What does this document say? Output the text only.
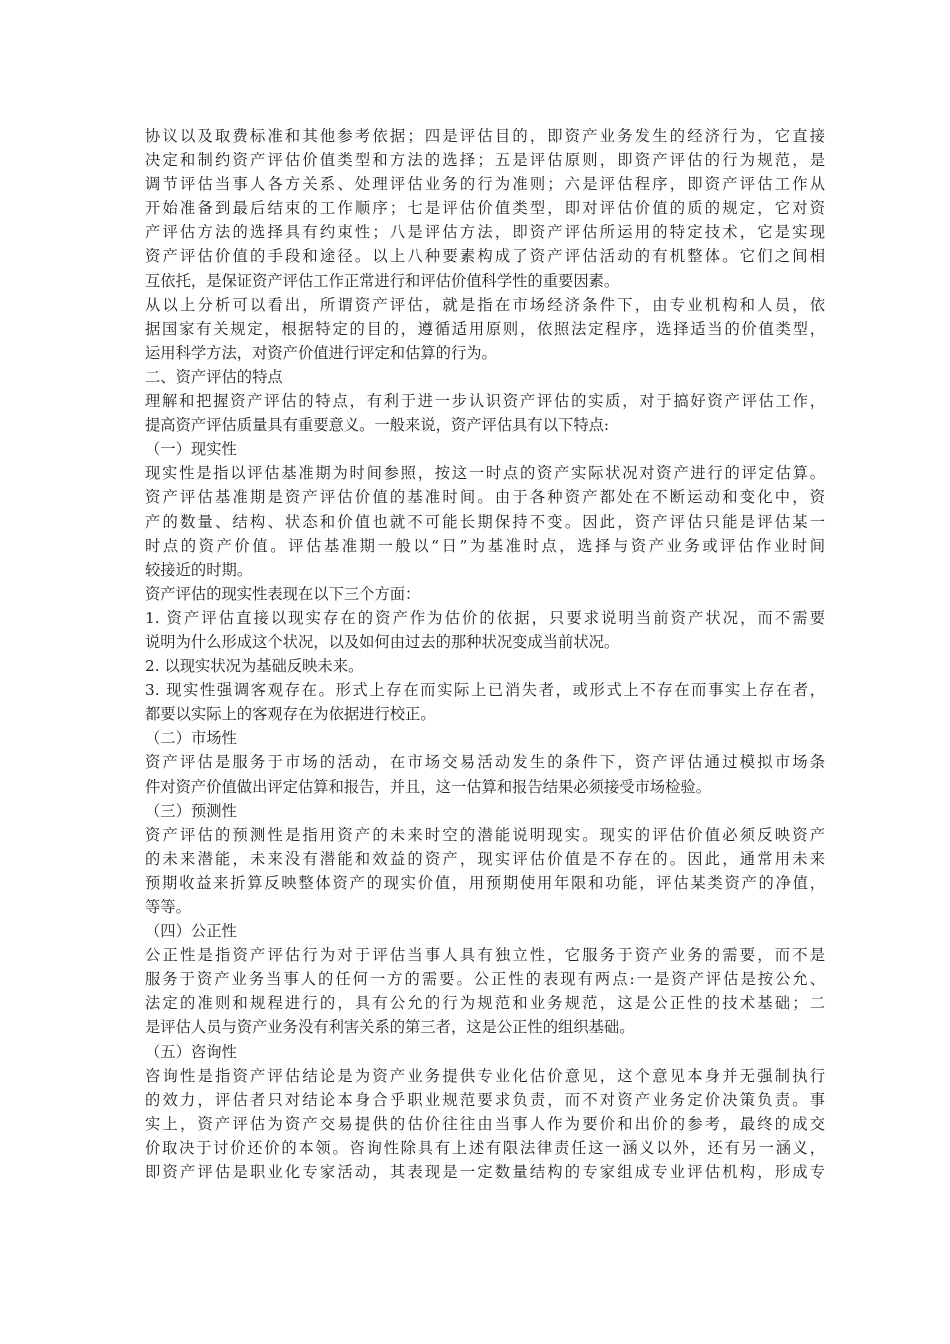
协议以及取费标准和其他参考依据；四是评估目的，即资产业务发生的经济行为，它直接
决定和制约资产评估价值类型和方法的选择；五是评估原则，即资产评估的行为规范，是
调节评估当事人各方关系、处理评估业务的行为准则；六是评估程序，即资产评估工作从
开始准备到最后结束的工作顺序；七是评估价值类型，即对评估价值的质的规定，它对资
产评估方法的选择具有约束性；八是评估方法，即资产评估所运用的特定技术，它是实现
资产评估价值的手段和途径。以上八种要素构成了资产评估活动的有机整体。它们之间相
互依托，是保证资产评估工作正常进行和评估价值科学性的重要因素。
从以上分析可以看出，所谓资产评估，就是指在市场经济条件下，由专业机构和人员，依
据国家有关规定，根据特定的目的，遵循适用原则，依照法定程序，选择适当的价值类型，
运用科学方法，对资产价值进行评定和估算的行为。
二、资产评估的特点
理解和把握资产评估的特点，有利于进一步认识资产评估的实质，对于搞好资产评估工作，
提高资产评估质量具有重要意义。一般来说，资产评估具有以下特点:
（一）现实性
现实性是指以评估基准期为时间参照，按这一时点的资产实际状况对资产进行的评定估算。
资产评估基准期是资产评估价值的基准时间。由于各种资产都处在不断运动和变化中，资
产的数量、结构、状态和价值也就不可能长期保持不变。因此，资产评估只能是评估某一
时点的资产价值。评估基准期一般以“日”为基准时点，选择与资产业务或评估作业时间
较接近的时期。
资产评估的现实性表现在以下三个方面：
1. 资产评估直接以现实存在的资产作为估价的依据，只要求说明当前资产状况，而不需要
说明为什么形成这个状况，以及如何由过去的那种状况变成当前状况。
2. 以现实状况为基础反映未来。
3. 现实性强调客观存在。形式上存在而实际上已消失者，或形式上不存在而事实上存在者，
都要以实际上的客观存在为依据进行校正。
（二）市场性
资产评估是服务于市场的活动，在市场交易活动发生的条件下，资产评估通过模拟市场条
件对资产价值做出评定估算和报告，并且，这一估算和报告结果必须接受市场检验。
（三）预测性
资产评估的预测性是指用资产的未来时空的潜能说明现实。现实的评估价值必须反映资产
的未来潜能，未来没有潜能和效益的资产，现实评估价值是不存在的。因此，通常用未来
预期收益来折算反映整体资产的现实价值，用预期使用年限和功能，评估某类资产的净值，
等等。
（四）公正性
公正性是指资产评估行为对于评估当事人具有独立性，它服务于资产业务的需要，而不是
服务于资产业务当事人的任何一方的需要。公正性的表现有两点:一是资产评估是按公允、
法定的准则和规程进行的，具有公允的行为规范和业务规范，这是公正性的技术基础；二
是评估人员与资产业务没有利害关系的第三者，这是公正性的组织基础。
（五）咨询性
咨询性是指资产评估结论是为资产业务提供专业化估价意见，这个意见本身并无强制执行
的效力，评估者只对结论本身合乎职业规范要求负责，而不对资产业务定价决策负责。事
实上，资产评估为资产交易提供的估价往往由当事人作为要价和出价的参考，最终的成交
价取决于讨价还价的本领。咨询性除具有上述有限法律责任这一涵义以外，还有另一涵义，
即资产评估是职业化专家活动，其表现是一定数量结构的专家组成专业评估机构，形成专
